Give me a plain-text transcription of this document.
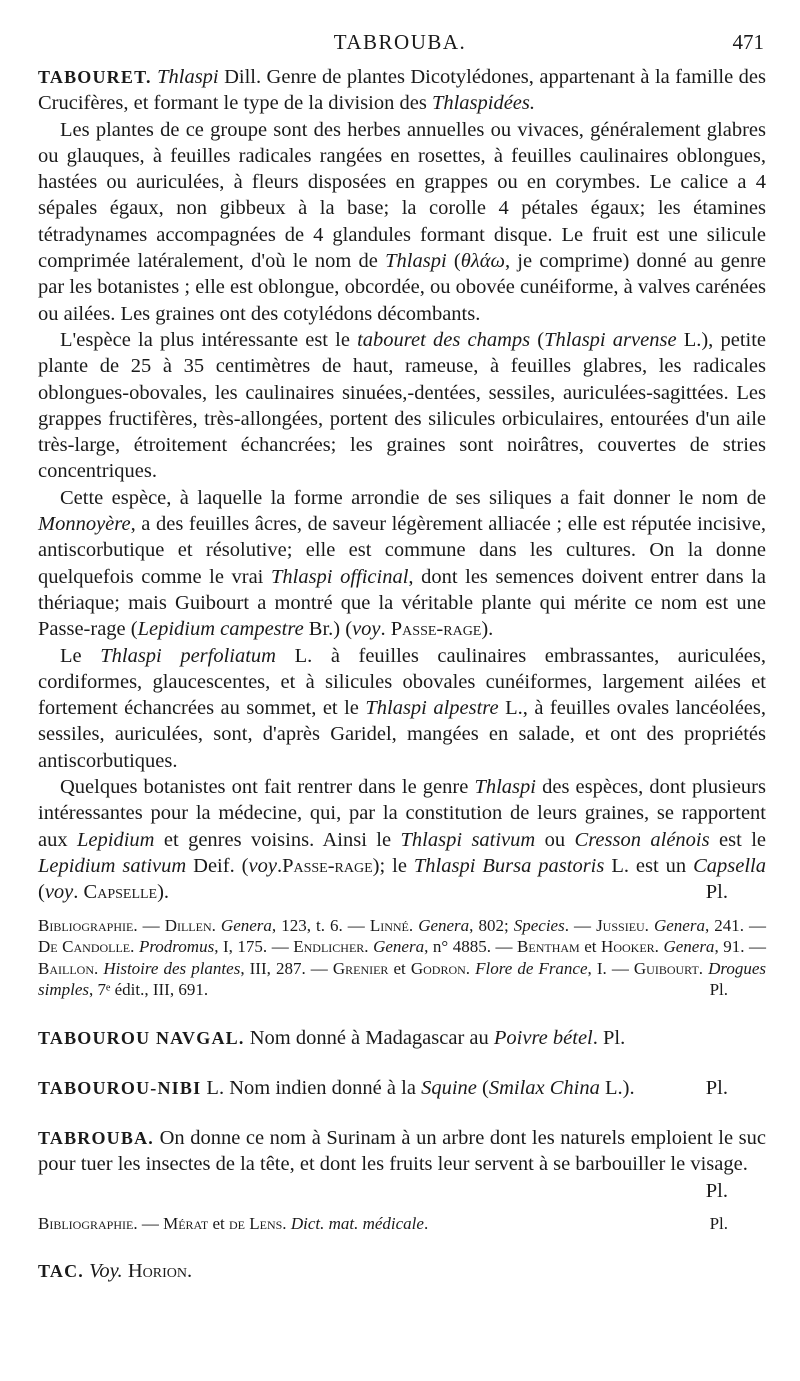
TABROUBA.	471

TABOURET. Thlaspi Dill. Genre de plantes Dicotylédones, appartenant à la famille des Crucifères, et formant le type de la division des Thlaspidées.

Les plantes de ce groupe sont des herbes annuelles ou vivaces, généralement glabres ou glauques, à feuilles radicales rangées en rosettes, à feuilles caulinaires oblongues, hastées ou auriculées, à fleurs disposées en grappes ou en corymbes. Le calice a 4 sépales égaux, non gibbeux à la base; la corolle 4 pétales égaux; les étamines tétradynames accompagnées de 4 glandules formant disque. Le fruit est une silicule comprimée latéralement, d'où le nom de Thlaspi (θλάω, je comprime) donné au genre par les botanistes ; elle est oblongue, obcordée, ou obovée cunéiforme, à valves carénées ou ailées. Les graines ont des cotylédons décombants.

L'espèce la plus intéressante est le tabouret des champs (Thlaspi arvense L.), petite plante de 25 à 35 centimètres de haut, rameuse, à feuilles glabres, les radicales oblongues-obovales, les caulinaires sinuées,-dentées, sessiles, auriculées-sagittées. Les grappes fructifères, très-allongées, portent des silicules orbiculaires, entourées d'un aile très-large, étroitement échancrées; les graines sont noirâtres, couvertes de stries concentriques.

Cette espèce, à laquelle la forme arrondie de ses siliques a fait donner le nom de Monnoyère, a des feuilles âcres, de saveur légèrement alliacée ; elle est réputée incisive, antiscorbutique et résolutive; elle est commune dans les cultures. On la donne quelquefois comme le vrai Thlaspi officinal, dont les semences doivent entrer dans la thériaque; mais Guibourt a montré que la véritable plante qui mérite ce nom est une Passe-rage (Lepidium campestre Br.) (voy. Passe-rage).

Le Thlaspi perfoliatum L. à feuilles caulinaires embrassantes, auriculées, cordiformes, glaucescentes, et à silicules obovales cunéiformes, largement ailées et fortement échancrées au sommet, et le Thlaspi alpestre L., à feuilles ovales lancéolées, sessiles, auriculées, sont, d'après Garidel, mangées en salade, et ont des propriétés antiscorbutiques.

Quelques botanistes ont fait rentrer dans le genre Thlaspi des espèces, dont plusieurs intéressantes pour la médecine, qui, par la constitution de leurs graines, se rapportent aux Lepidium et genres voisins. Ainsi le Thlaspi sativum ou Cresson alénois est le Lepidium sativum Deif. (voy.Passe-rage); le Thlaspi Bursa pastoris L. est un Capsella (voy. Capselle).	Pl.

Bibliographie. — Dillen. Genera, 123, t. 6. — Linné. Genera, 802; Species. — Jussieu. Genera, 241. — De Candolle. Prodromus, I, 175. — Endlicher. Genera, n° 4885. — Bentham et Hooker. Genera, 91. — Baillon. Histoire des plantes, III, 287. — Grenier et Godron. Flore de France, I. — Guibourt. Drogues simples, 7ᵉ édit., III, 691.	Pl.

TABOUROU NAVGAL. Nom donné à Madagascar au Poivre bétel. Pl.

TABOUROU-NIBI L. Nom indien donné à la Squine (Smilax China L.).	Pl.

TABROUBA. On donne ce nom à Surinam à un arbre dont les naturels emploient le suc pour tuer les insectes de la tête, et dont les fruits leur servent à se barbouiller le visage.
Pl.

Bibliographie. — Mérat et de Lens. Dict. mat. médicale.	Pl.

TAC. Voy. Horion.
